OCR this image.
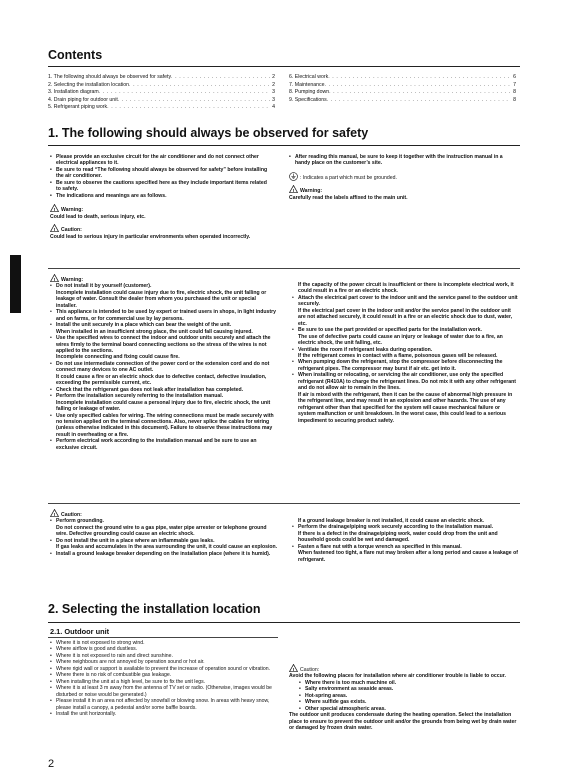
Contents
1. The following should always be observed for safety . . .	2
2. Selecting the installation location . . .	2
3. Installation diagram . . .	3
4. Drain piping for outdoor unit . . .	3
5. Refrigerant piping work . . .	4
6. Electrical work . . .	6
7. Maintenance . . .	7
8. Pumping down . . .	8
9. Specifications . . .	8
1. The following should always be observed for safety
• Please provide an exclusive circuit for the air conditioner and do not connect other electrical appliances to it.
• Be sure to read “The following should always be observed for safety” before installing the air conditioner.
• Be sure to observe the cautions specified here as they include important items related to safety.
• The indications and meanings are as follows.
! Warning:
Could lead to death, serious injury, etc.
! Caution:
Could lead to serious injury in particular environments when operated incorrectly.
• After reading this manual, be sure to keep it together with the instruction manual in a handy place on the customer’s site.
: Indicates a part which must be grounded.
! Warning:
Carefully read the labels affixed to the main unit.
! Warning:
• Do not install it by yourself (customer).
Incomplete installation could cause injury due to fire, electric shock, the unit falling or leakage of water. Consult the dealer from whom you purchased the unit or special installer.
• This appliance is intended to be used by expert or trained users in shops, in light industry and on farms, or for commercial use by lay persons.
• Install the unit securely in a place which can bear the weight of the unit.
When installed in an insufficient strong place, the unit could fall causing injured.
• Use the specified wires to connect the indoor and outdoor units securely and attach the wires firmly to the terminal board connecting sections so the stress of the wires is not applied to the sections.
Incomplete connecting and fixing could cause fire.
• Do not use intermediate connection of the power cord or the extension cord and do not connect many devices to one AC outlet.
It could cause a fire or an electric shock due to defective contact, defective insulation, exceeding the permissible current, etc.
• Check that the refrigerant gas does not leak after installation has completed.
• Perform the installation securely referring to the installation manual.
Incomplete installation could cause a personal injury due to fire, electric shock, the unit falling or leakage of water.
• Use only specified cables for wiring. The wiring connections must be made securely with no tension applied on the terminal connections. Also, never splice the cables for wiring (unless otherwise indicated in this document). Failure to observe these instructions may result in overheating or a fire.
• Perform electrical work according to the installation manual and be sure to use an exclusive circuit.
If the capacity of the power circuit is insufficient or there is incomplete electrical work, it could result in a fire or an electric shock.
• Attach the electrical part cover to the indoor unit and the service panel to the outdoor unit securely.
If the electrical part cover in the indoor unit and/or the service panel in the outdoor unit are not attached securely, it could result in a fire or an electric shock due to dust, water, etc.
• Be sure to use the part provided or specified parts for the installation work.
The use of defective parts could cause an injury or leakage of water due to a fire, an electric shock, the unit falling, etc.
• Ventilate the room if refrigerant leaks during operation.
If the refrigerant comes in contact with a flame, poisonous gases will be released.
• When pumping down the refrigerant, stop the compressor before disconnecting the refrigerant pipes. The compressor may burst if air etc. get into it.
• When installing or relocating, or servicing the air conditioner, use only the specified refrigerant (R410A) to charge the refrigerant lines. Do not mix it with any other refrigerant and do not allow air to remain in the lines.
If air is mixed with the refrigerant, then it can be the cause of abnormal high pressure in the refrigerant line, and may result in an explosion and other hazards. The use of any refrigerant other than that specified for the system will cause mechanical failure or system malfunction or unit breakdown. In the worst case, this could lead to a serious impediment to securing product safety.
! Caution:
• Perform grounding.
Do not connect the ground wire to a gas pipe, water pipe arrester or telephone ground wire. Defective grounding could cause an electric shock.
• Do not install the unit in a place where an inflammable gas leaks.
If gas leaks and accumulates in the area surrounding the unit, it could cause an explosion.
• Install a ground leakage breaker depending on the installation place (where it is humid).
If a ground leakage breaker is not installed, it could cause an electric shock.
• Perform the drainage/piping work securely according to the installation manual.
If there is a defect in the drainage/piping work, water could drop from the unit and household goods could be wet and damaged.
• Fasten a flare nut with a torque wrench as specified in this manual.
When fastened too tight, a flare nut may broken after a long period and cause a leakage of refrigerant.
2. Selecting the installation location
2.1. Outdoor unit
• Where it is not exposed to strong wind.
• Where airflow is good and dustless.
• Where it is not exposed to rain and direct sunshine.
• Where neighbours are not annoyed by operation sound or hot air.
• Where rigid wall or support is available to prevent the increase of operation sound or vibration.
• Where there is no risk of combustible gas leakage.
• When installing the unit at a high level, be sure to fix the unit legs.
• Where it is at least 3 m away from the antenna of TV set or radio. (Otherwise, images would be disturbed or noise would be generated.)
• Please install it in an area not affected by snowfall or blowing snow. In areas with heavy snow, please install a canopy, a pedestal and/or some baffle boards.
• Install the unit horizontally.
! Caution:
Avoid the following places for installation where air conditioner trouble is liable to occur.
• Where there is too much machine oil.
• Salty environment as seaside areas.
• Hot-spring areas.
• Where sulfide gas exists.
• Other special atmospheric areas.
The outdoor unit produces condensate during the heating operation. Select the installation place to ensure to prevent the outdoor unit and/or the grounds from being wet by drain water or damaged by frozen drain water.
2
